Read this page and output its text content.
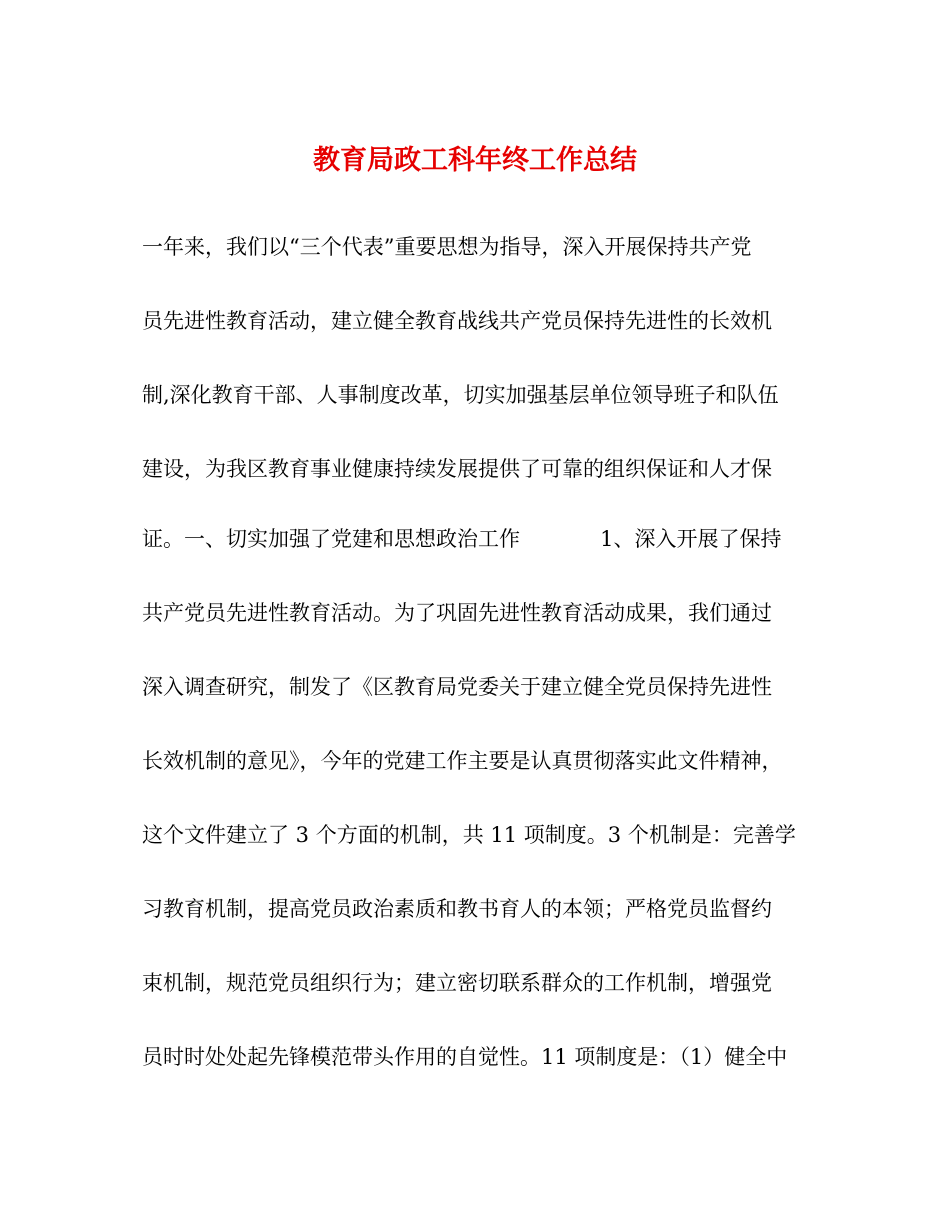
教育局政工科年终工作总结
一年来，我们以“三个代表”重要思想为指导，深入开展保持共产党
员先进性教育活动，建立健全教育战线共产党员保持先进性的长效机
制,深化教育干部、人事制度改革，切实加强基层单位领导班子和队伍
建设，为我区教育事业健康持续发展提供了可靠的组织保证和人才保
证。一、切实加强了党建和思想政治工作            1、深入开展了保持
共产党员先进性教育活动。为了巩固先进性教育活动成果，我们通过
深入调查研究，制发了《区教育局党委关于建立健全党员保持先进性
长效机制的意见》，今年的党建工作主要是认真贯彻落实此文件精神，
这个文件建立了 3 个方面的机制，共 11 项制度。3 个机制是：完善学
习教育机制，提高党员政治素质和教书育人的本领；严格党员监督约
束机制，规范党员组织行为；建立密切联系群众的工作机制，增强党
员时时处处起先锋模范带头作用的自觉性。11 项制度是：（1）健全中
